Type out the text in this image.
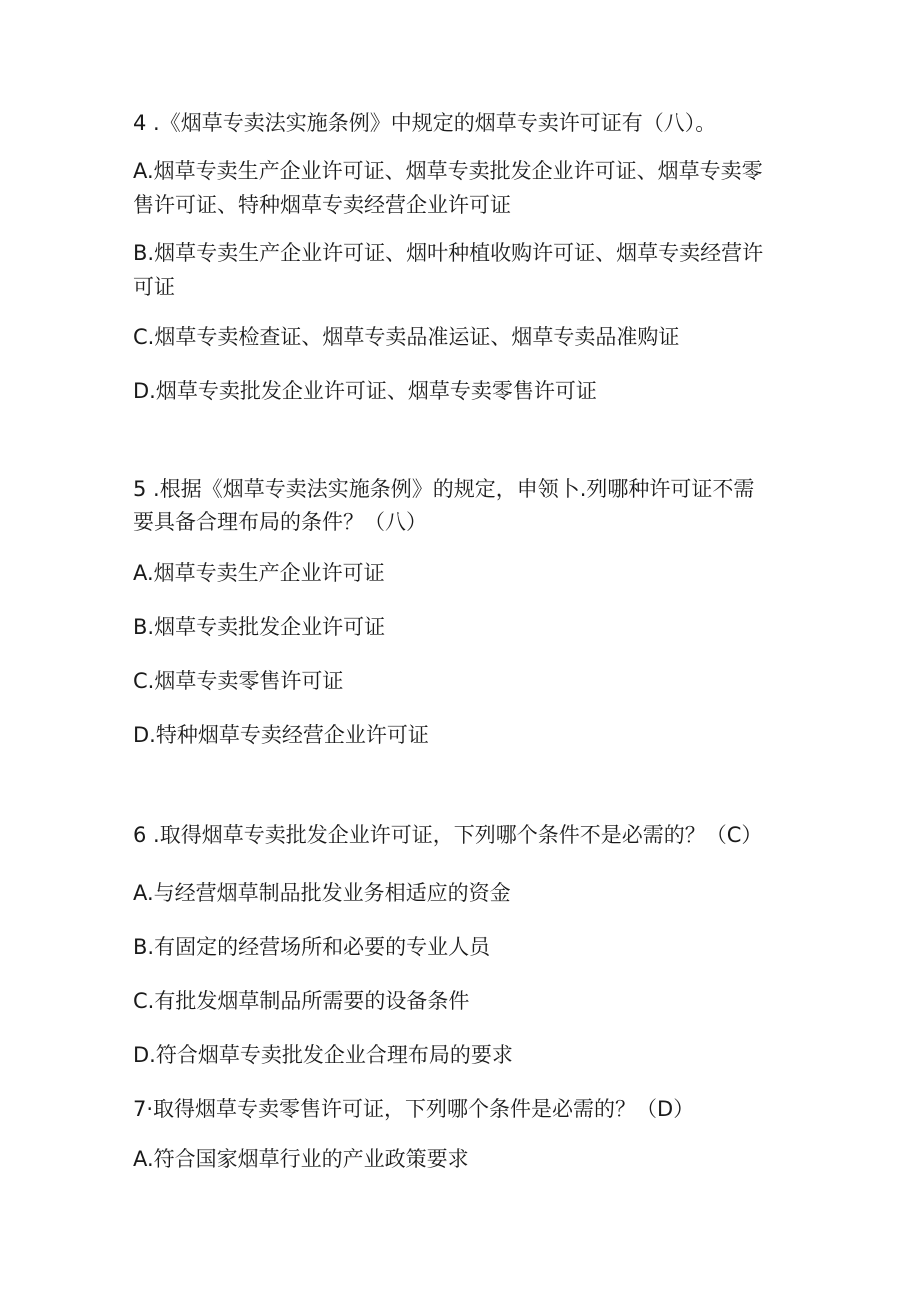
4 .《烟草专卖法实施条例》中规定的烟草专卖许可证有（八）。
A.烟草专卖生产企业许可证、烟草专卖批发企业许可证、烟草专卖零
售许可证、特种烟草专卖经营企业许可证
B.烟草专卖生产企业许可证、烟叶种植收购许可证、烟草专卖经营许
可证
C.烟草专卖检查证、烟草专卖品准运证、烟草专卖品准购证
D.烟草专卖批发企业许可证、烟草专卖零售许可证
5 .根据《烟草专卖法实施条例》的规定，申领卜.列哪种许可证不需
要具备合理布局的条件？（八）
A.烟草专卖生产企业许可证
B.烟草专卖批发企业许可证
C.烟草专卖零售许可证
D.特种烟草专卖经营企业许可证
6 .取得烟草专卖批发企业许可证，下列哪个条件不是必需的？（C）
A.与经营烟草制品批发业务相适应的资金
B.有固定的经营场所和必要的专业人员
C.有批发烟草制品所需要的设备条件
D.符合烟草专卖批发企业合理布局的要求
7·取得烟草专卖零售许可证，下列哪个条件是必需的？（D）
A.符合国家烟草行业的产业政策要求
